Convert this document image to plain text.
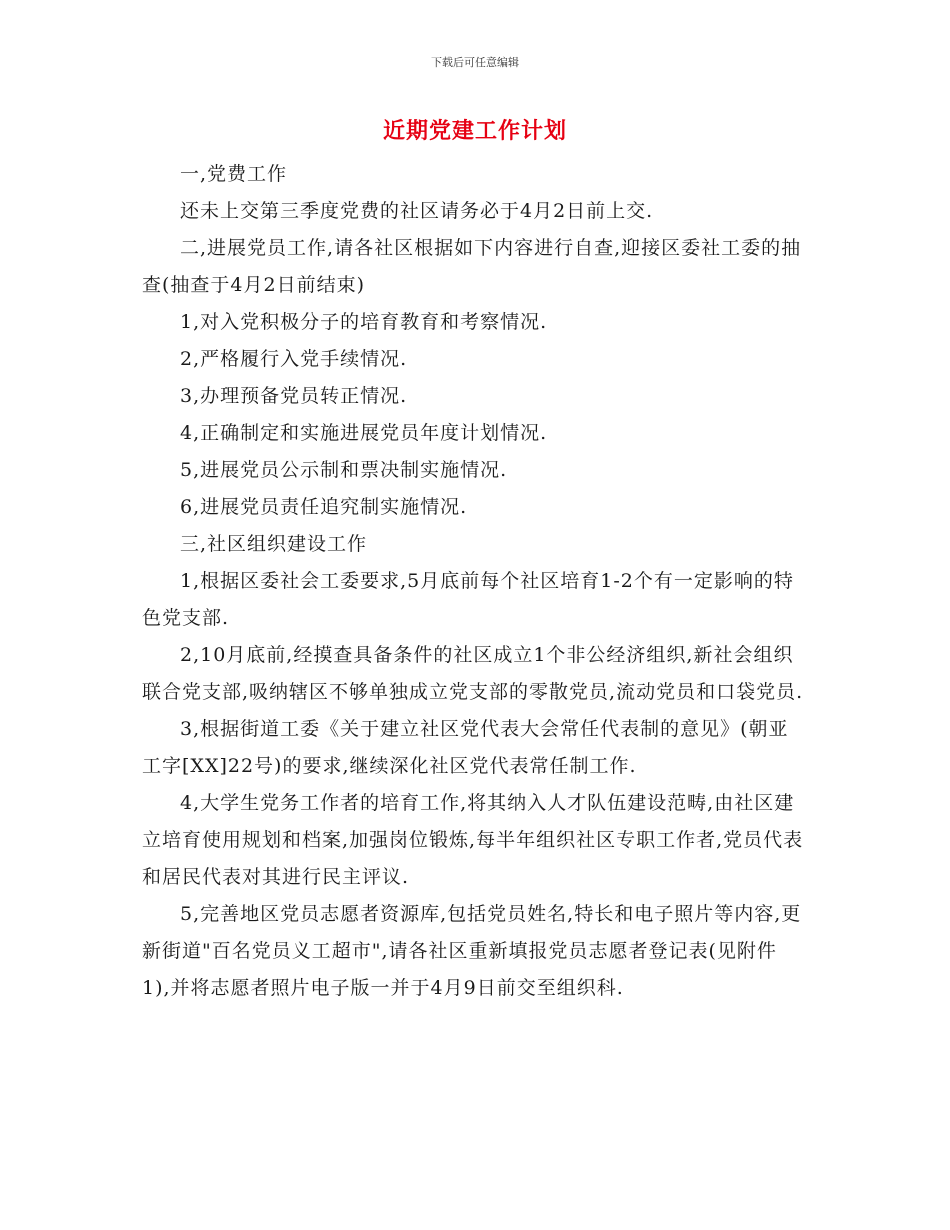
下载后可任意编辑
近期党建工作计划

一,党费工作

还未上交第三季度党费的社区请务必于4月2日前上交.

二,进展党员工作,请各社区根据如下内容进行自查,迎接区委社工委的抽查(抽查于4月2日前结束)

1,对入党积极分子的培育教育和考察情况.

2,严格履行入党手续情况.

3,办理预备党员转正情况.

4,正确制定和实施进展党员年度计划情况.

5,进展党员公示制和票决制实施情况.

6,进展党员责任追究制实施情况.

三,社区组织建设工作

1,根据区委社会工委要求,5月底前每个社区培育1-2个有一定影响的特色党支部.

2,10月底前,经摸查具备条件的社区成立1个非公经济组织,新社会组织联合党支部,吸纳辖区不够单独成立党支部的零散党员,流动党员和口袋党员.

3,根据街道工委《关于建立社区党代表大会常任代表制的意见》(朝亚工字[XX]22号)的要求,继续深化社区党代表常任制工作.

4,大学生党务工作者的培育工作,将其纳入人才队伍建设范畴,由社区建立培育使用规划和档案,加强岗位锻炼,每半年组织社区专职工作者,党员代表和居民代表对其进行民主评议.

5,完善地区党员志愿者资源库,包括党员姓名,特长和电子照片等内容,更新街道"百名党员义工超市",请各社区重新填报党员志愿者登记表(见附件1),并将志愿者照片电子版一并于4月9日前交至组织科.
